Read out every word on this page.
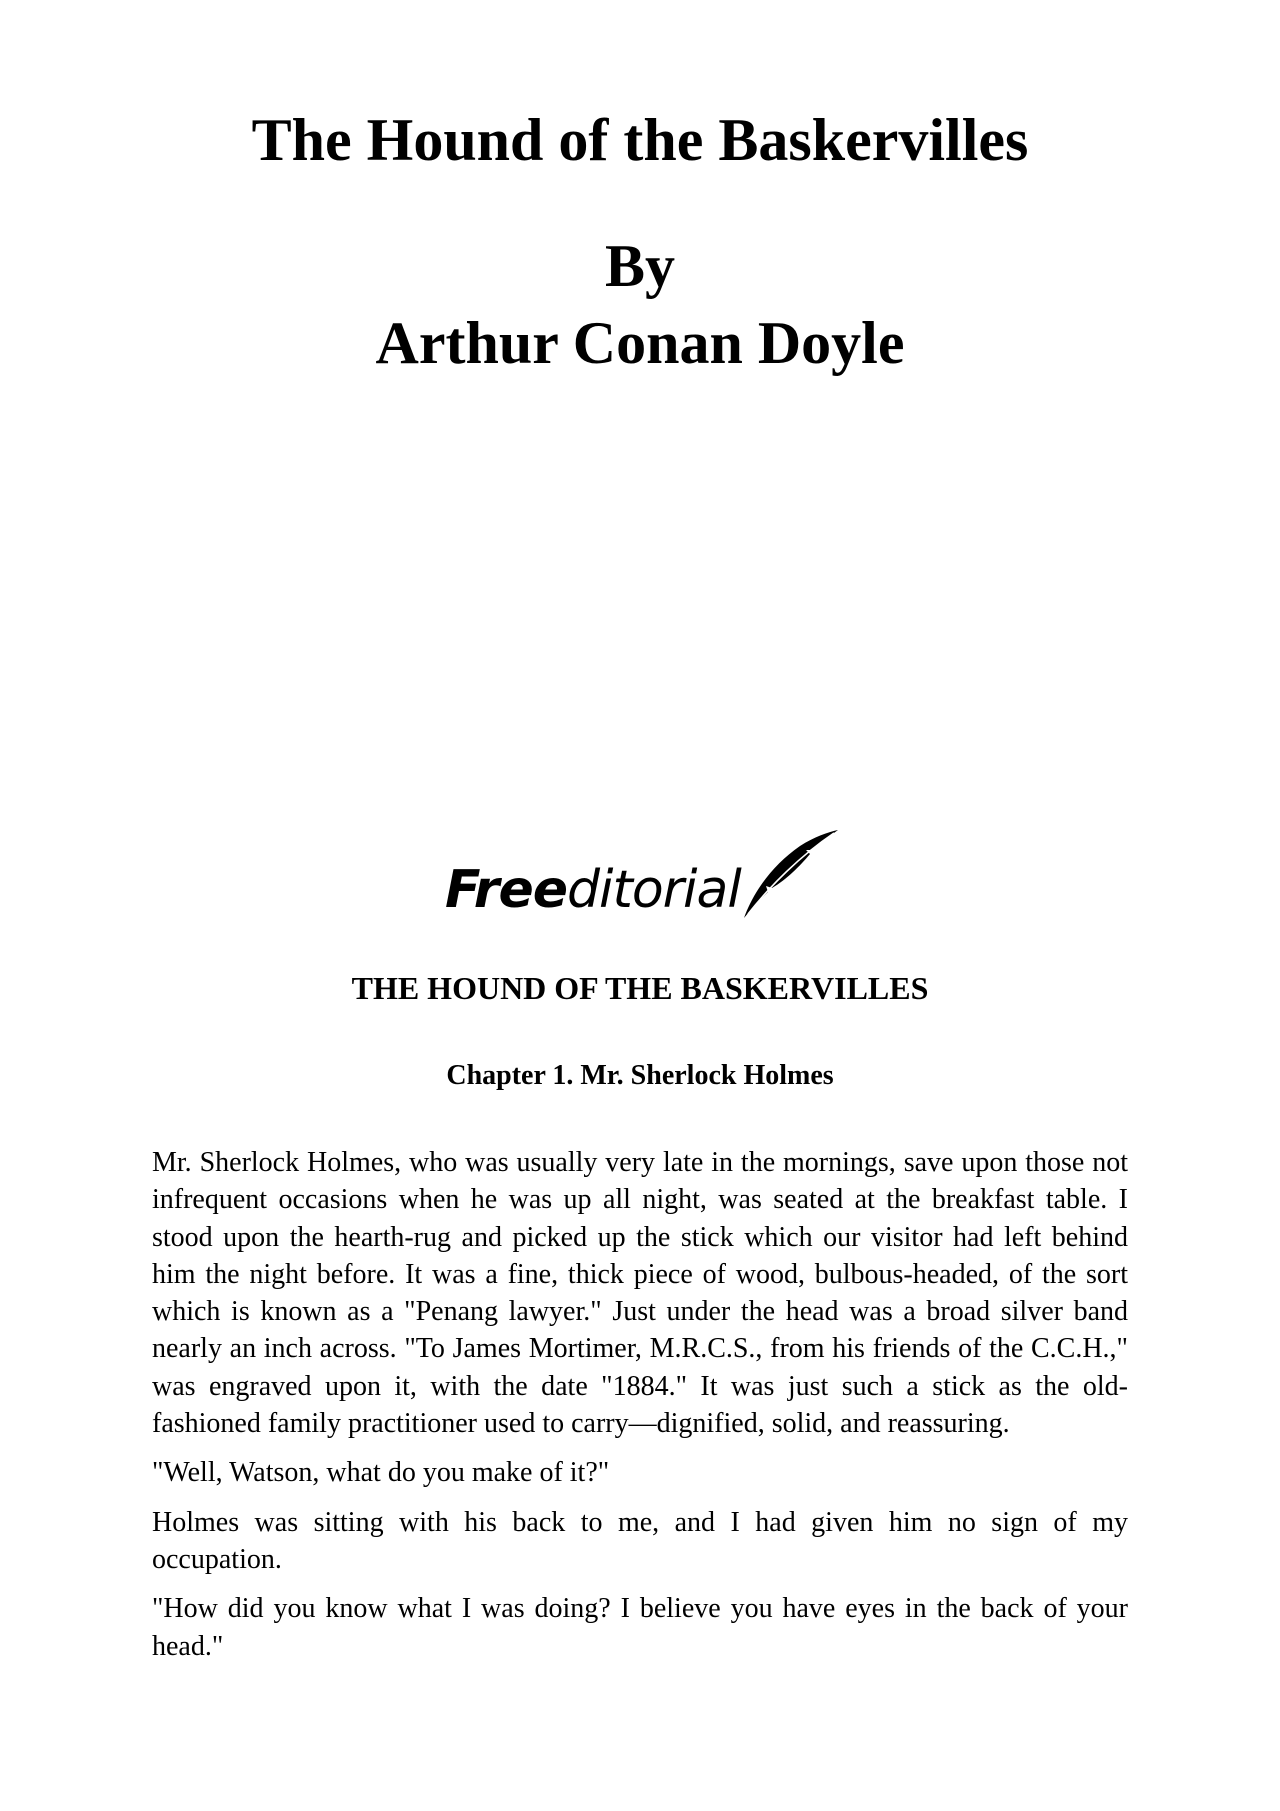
The Hound of the Baskervilles
By
Arthur Conan Doyle
Freeditorial
THE HOUND OF THE BASKERVILLES
Chapter 1. Mr. Sherlock Holmes

Mr. Sherlock Holmes, who was usually very late in the mornings, save upon those not infrequent occasions when he was up all night, was seated at the breakfast table. I stood upon the hearth-rug and picked up the stick which our visitor had left behind him the night before. It was a fine, thick piece of wood, bulbous-headed, of the sort which is known as a "Penang lawyer." Just under the head was a broad silver band nearly an inch across. "To James Mortimer, M.R.C.S., from his friends of the C.C.H.," was engraved upon it, with the date "1884." It was just such a stick as the old-fashioned family practitioner used to carry—dignified, solid, and reassuring.

"Well, Watson, what do you make of it?"

Holmes was sitting with his back to me, and I had given him no sign of my occupation.

"How did you know what I was doing? I believe you have eyes in the back of your head."
